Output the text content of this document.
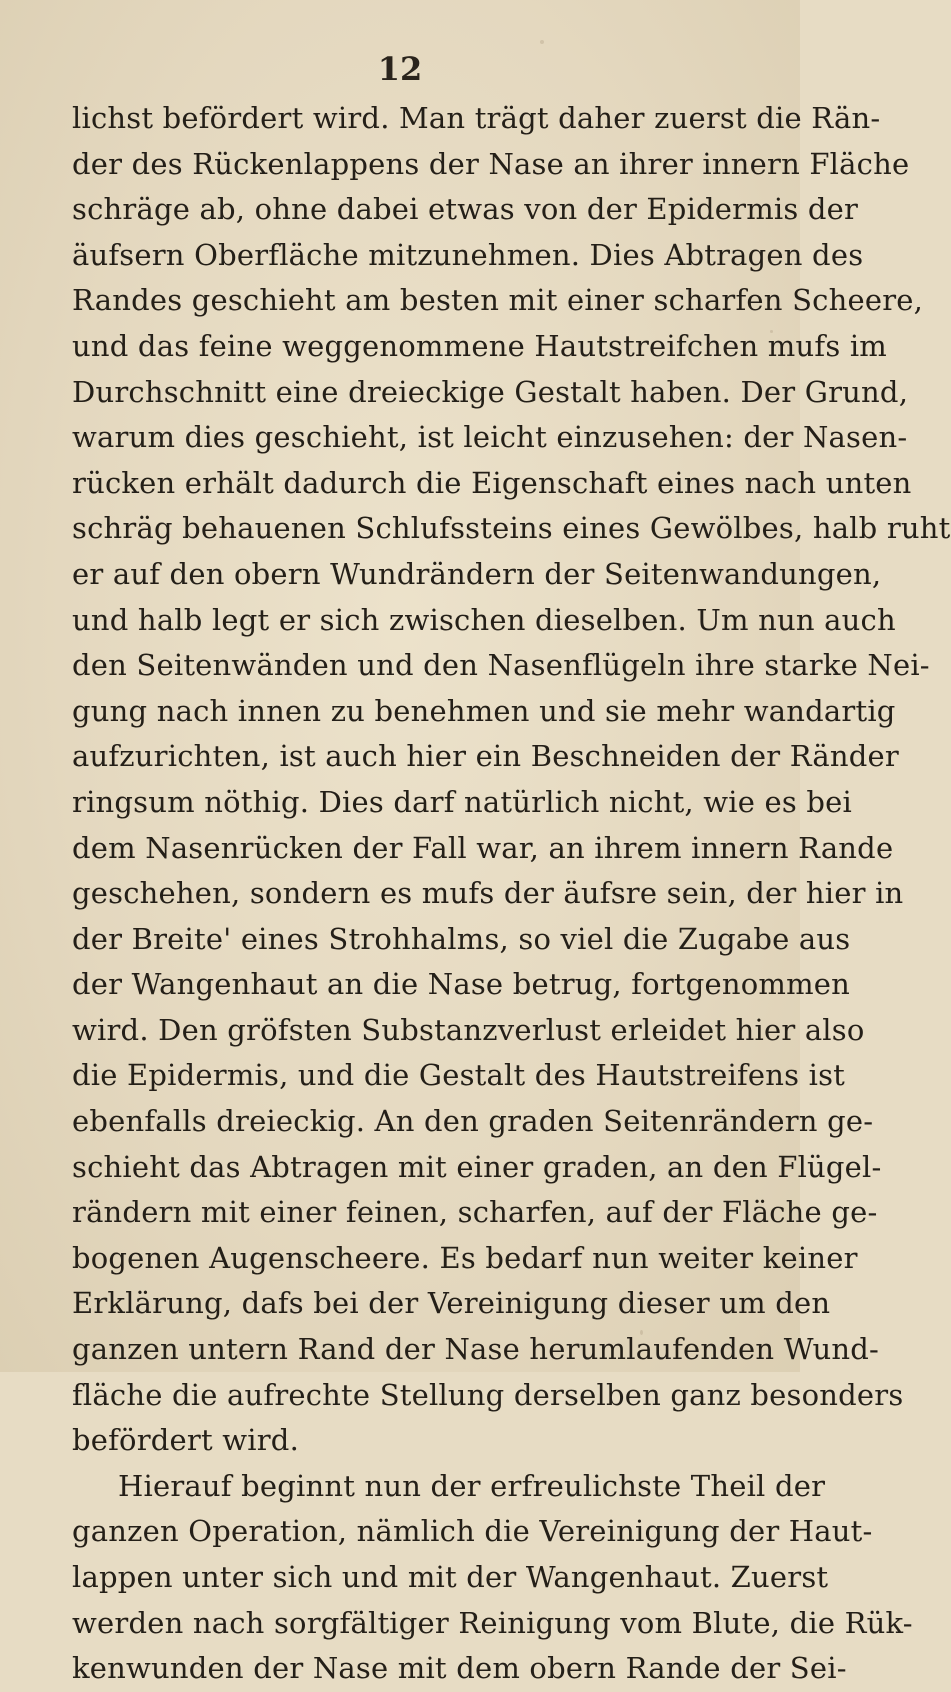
12
lichst befördert wird. Man trägt daher zuerst die Rän-
der des Rückenlappens der Nase an ihrer innern Fläche
schräge ab, ohne dabei etwas von der Epidermis der
äufsern Oberfläche mitzunehmen. Dies Abtragen des
Randes geschieht am besten mit einer scharfen Scheere,
und das feine weggenommene Hautstreifchen mufs im
Durchschnitt eine dreieckige Gestalt haben. Der Grund,
warum dies geschieht, ist leicht einzusehen: der Nasen-
rücken erhält dadurch die Eigenschaft eines nach unten
schräg behauenen Schlufssteins eines Gewölbes, halb ruht
er auf den obern Wundrändern der Seitenwandungen,
und halb legt er sich zwischen dieselben. Um nun auch
den Seitenwänden und den Nasenflügeln ihre starke Nei-
gung nach innen zu benehmen und sie mehr wandartig
aufzurichten, ist auch hier ein Beschneiden der Ränder
ringsum nöthig. Dies darf natürlich nicht, wie es bei
dem Nasenrücken der Fall war, an ihrem innern Rande
geschehen, sondern es mufs der äufsre sein, der hier in
der Breite' eines Strohhalms, so viel die Zugabe aus
der Wangenhaut an die Nase betrug, fortgenommen
wird. Den gröfsten Substanzverlust erleidet hier also
die Epidermis, und die Gestalt des Hautstreifens ist
ebenfalls dreieckig. An den graden Seitenrändern ge-
schieht das Abtragen mit einer graden, an den Flügel-
rändern mit einer feinen, scharfen, auf der Fläche ge-
bogenen Augenscheere. Es bedarf nun weiter keiner
Erklärung, dafs bei der Vereinigung dieser um den
ganzen untern Rand der Nase herumlaufenden Wund-
fläche die aufrechte Stellung derselben ganz besonders
befördert wird.
Hierauf beginnt nun der erfreulichste Theil der
ganzen Operation, nämlich die Vereinigung der Haut-
lappen unter sich und mit der Wangenhaut. Zuerst
werden nach sorgfältiger Reinigung vom Blute, die Rük-
kenwunden der Nase mit dem obern Rande der Sei-
